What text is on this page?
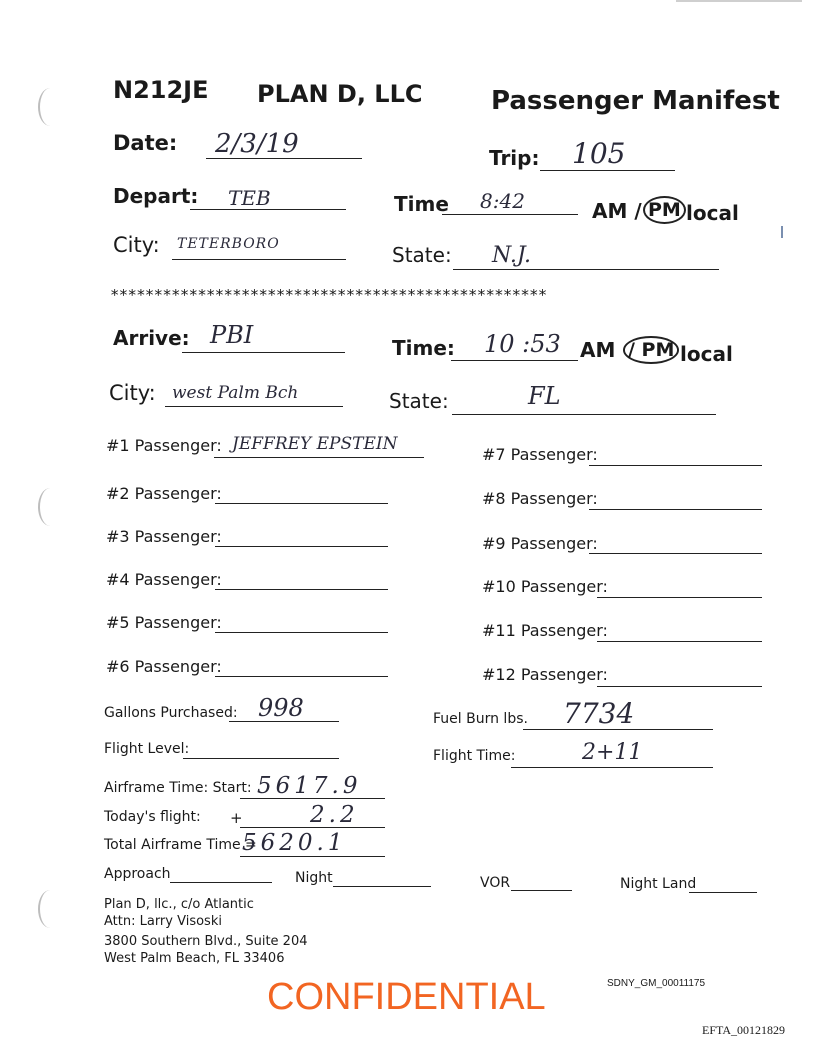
N212JE PLAN D, LLC	Passenger Manifest
Date: 2/3/19	Trip: 105
Depart: TEB	Time 8:42	AM / PM local
City: TETERBORO	State: N.J.
**************************************************
Arrive: PBI	Time: 10 :53 AM / PM local
City: west Palm Bch	State:	FL
#1 Passenger: JEFFREY EPSTEIN
#2 Passenger:
#3 Passenger:
#4 Passenger:
#5 Passenger:
#6 Passenger:
#7 Passenger:
#8 Passenger:
#9 Passenger:
#10 Passenger:
#11 Passenger:
#12 Passenger:
Gallons Purchased: 998	Fuel Burn lbs. 7734
Flight Level:	Flight Time:	2+11
Airframe Time: Start: 5617.9
Today's flight: +	2.2
Total Airframe Time =
5620.1
Approach	Night	VOR	Night Land
Plan D, llc., c/o Atlantic
Attn: Larry Visoski
3800 Southern Blvd., Suite 204
West Palm Beach, FL 33406
CONFIDENTIAL	SDNY_GM_00011175
EFTA_00121829
